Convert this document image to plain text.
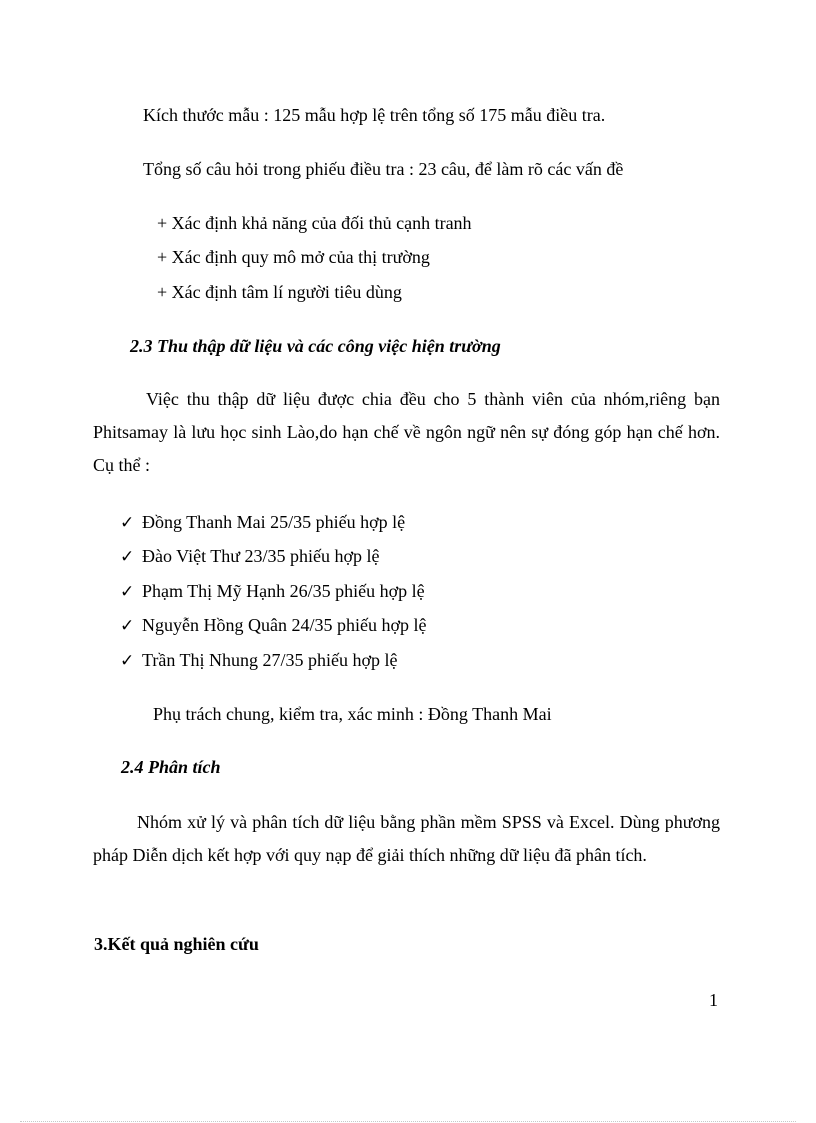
Kích thước mẫu : 125 mẫu hợp lệ trên tổng số 175 mẫu điều tra.
Tổng số câu hỏi trong phiếu điều tra : 23 câu, để làm rõ các vấn đề
+ Xác định khả năng của đối thủ cạnh tranh
+ Xác định quy mô mở của thị trường
+ Xác định tâm lí người tiêu dùng
2.3 Thu thập dữ liệu và các công việc hiện trường
Việc thu thập dữ liệu được chia đều cho 5 thành viên của nhóm,riêng bạn Phitsamay là lưu học sinh Lào,do hạn chế về ngôn ngữ nên sự đóng góp hạn chế hơn. Cụ thể :
✓ Đồng Thanh Mai 25/35 phiếu hợp lệ
✓ Đào Việt Thư 23/35 phiếu hợp lệ
✓ Phạm Thị Mỹ Hạnh 26/35 phiếu hợp lệ
✓ Nguyễn Hồng Quân 24/35 phiếu hợp lệ
✓ Trần Thị Nhung 27/35 phiếu hợp lệ
Phụ trách chung, kiểm tra, xác minh : Đồng Thanh Mai
2.4 Phân tích
Nhóm xử lý và phân tích dữ liệu bằng phần mềm SPSS và Excel. Dùng phương pháp Diễn dịch kết hợp với quy nạp để giải thích những dữ liệu đã phân tích.
3.Kết quả nghiên cứu
1
